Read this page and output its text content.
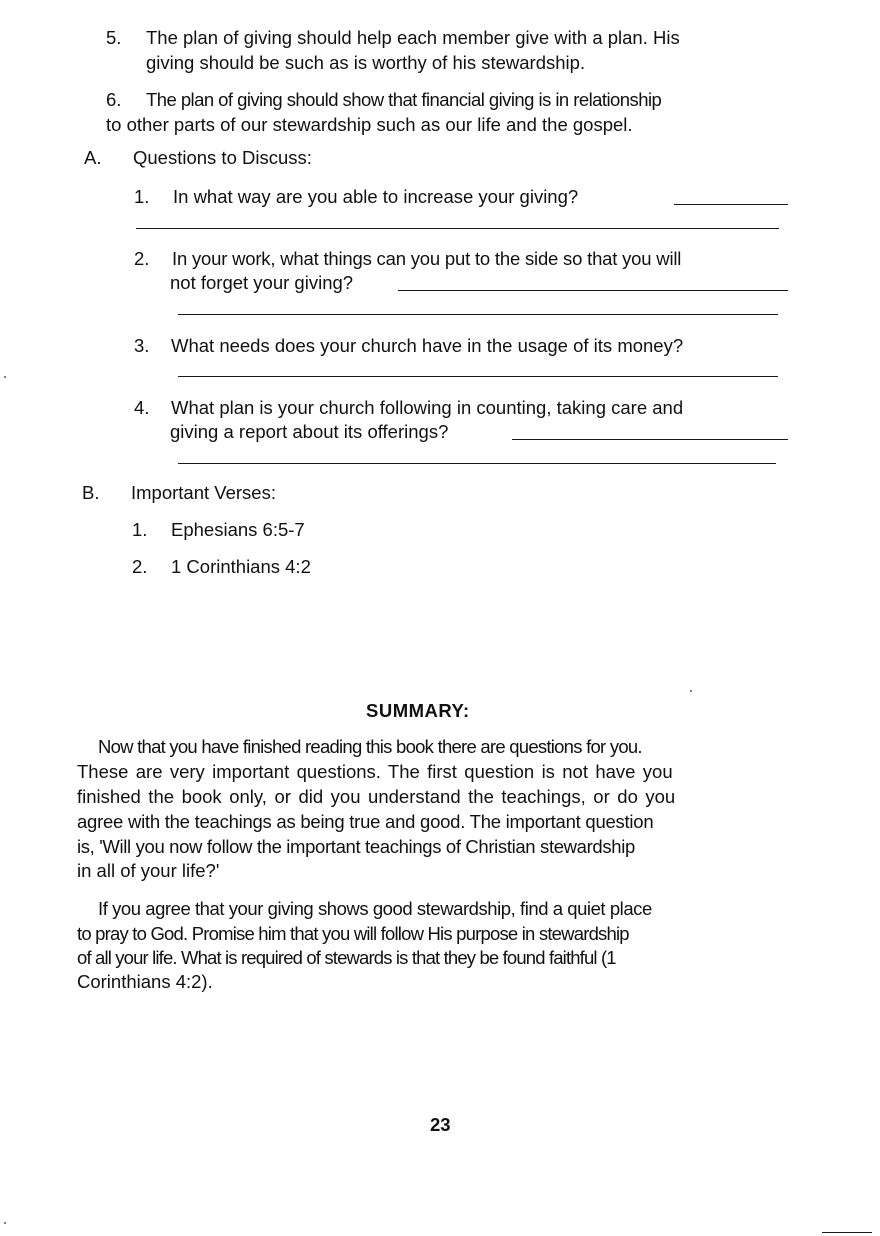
5. The plan of giving should help each member give with a plan. His
giving should be such as is worthy of his stewardship.
6. The plan of giving should show that financial giving is in relationship
to other parts of our stewardship such as our life and the gospel.
A. Questions to Discuss:
1. In what way are you able to increase your giving?
2. In your work, what things can you put to the side so that you will
not forget your giving?
3. What needs does your church have in the usage of its money?
4. What plan is your church following in counting, taking care and
giving a report about its offerings?
B. Important Verses:
1. Ephesians 6:5-7
2. 1 Corinthians 4:2
SUMMARY:
Now that you have finished reading this book there are questions for you.
These are very important questions. The first question is not have you
finished the book only, or did you understand the teachings, or do you
agree with the teachings as being true and good. The important question
is, 'Will you now follow the important teachings of Christian stewardship
in all of your life?'
If you agree that your giving shows good stewardship, find a quiet place
to pray to God. Promise him that you will follow His purpose in stewardship
of all your life. What is required of stewards is that they be found faithful (1
Corinthians 4:2).
23
